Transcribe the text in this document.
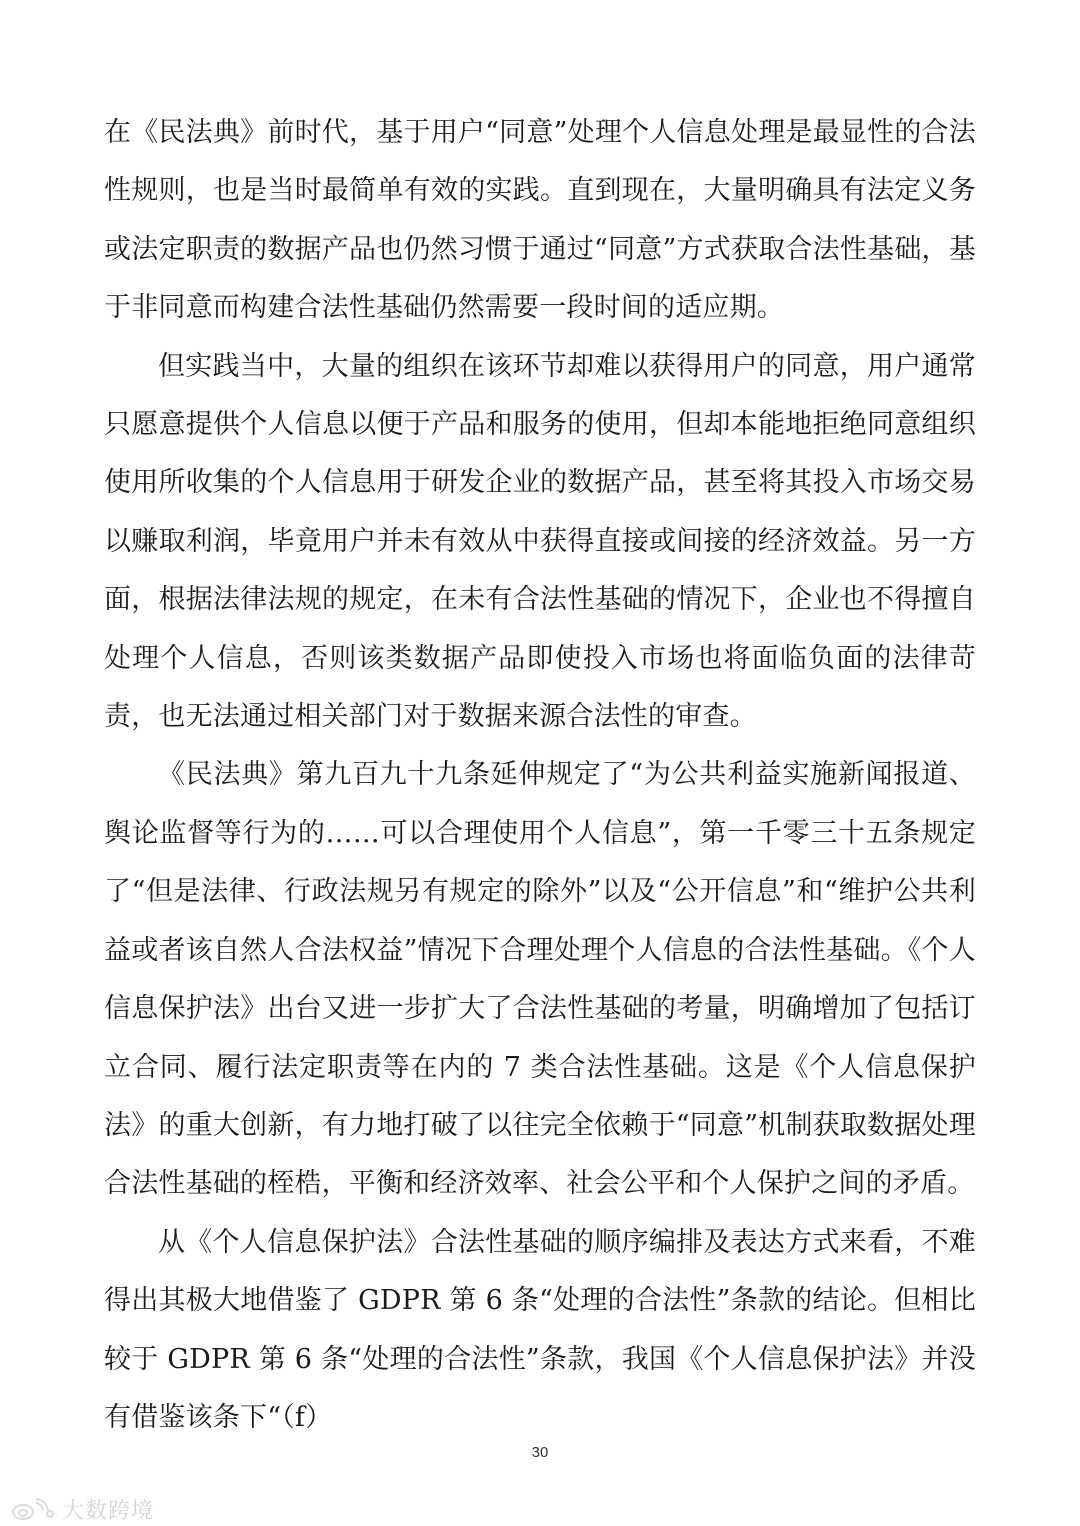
在《民法典》前时代，基于用户“同意”处理个人信息处理是最显性的合法性规则，也是当时最简单有效的实践。直到现在，大量明确具有法定义务或法定职责的数据产品也仍然习惯于通过“同意”方式获取合法性基础，基于非同意而构建合法性基础仍然需要一段时间的适应期。

但实践当中，大量的组织在该环节却难以获得用户的同意，用户通常只愿意提供个人信息以便于产品和服务的使用，但却本能地拒绝同意组织使用所收集的个人信息用于研发企业的数据产品，甚至将其投入市场交易以赚取利润，毕竟用户并未有效从中获得直接或间接的经济效益。另一方面，根据法律法规的规定，在未有合法性基础的情况下，企业也不得擅自处理个人信息，否则该类数据产品即使投入市场也将面临负面的法律苛责，也无法通过相关部门对于数据来源合法性的审查。

《民法典》第九百九十九条延伸规定了“为公共利益实施新闻报道、舆论监督等行为的……可以合理使用个人信息”，第一千零三十五条规定了“但是法律、行政法规另有规定的除外”以及“公开信息”和“维护公共利益或者该自然人合法权益”情况下合理处理个人信息的合法性基础。《个人信息保护法》出台又进一步扩大了合法性基础的考量，明确增加了包括订立合同、履行法定职责等在内的 7 类合法性基础。这是《个人信息保护法》的重大创新，有力地打破了以往完全依赖于“同意”机制获取数据处理合法性基础的桎梏，平衡和经济效率、社会公平和个人保护之间的矛盾。

从《个人信息保护法》合法性基础的顺序编排及表达方式来看，不难得出其极大地借鉴了 GDPR 第 6 条“处理的合法性”条款的结论。但相比较于 GDPR 第 6 条“处理的合法性”条款，我国《个人信息保护法》并没有借鉴该条下“（f）

30
大数跨境
